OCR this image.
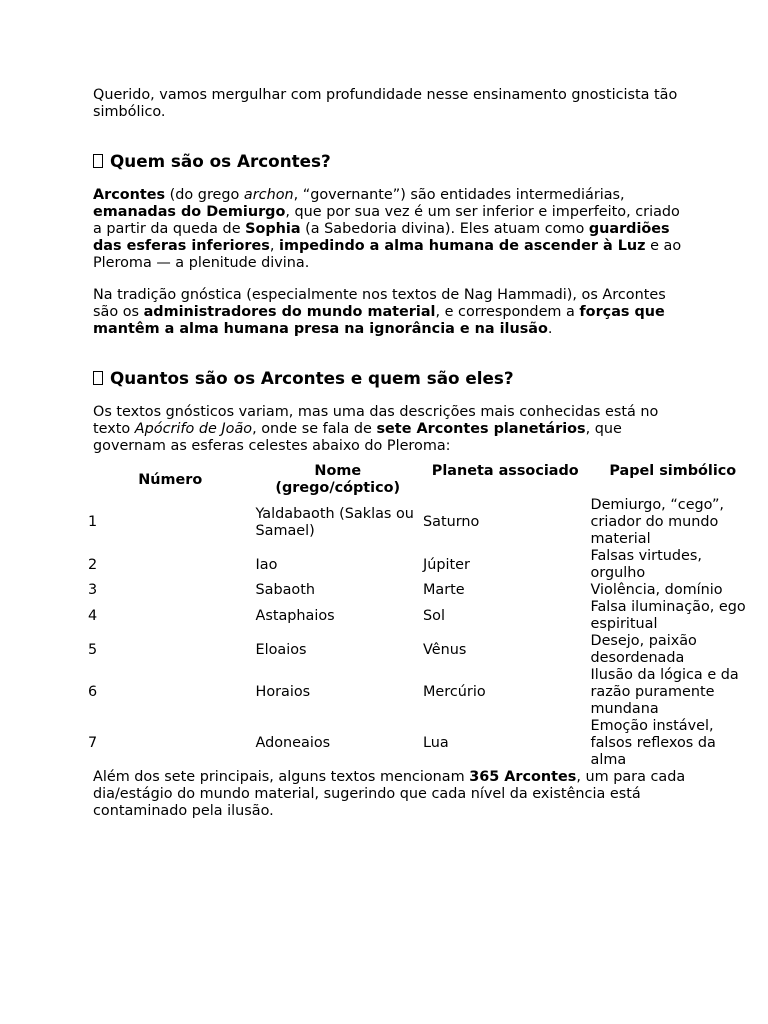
Querido, vamos mergulhar com profundidade nesse ensinamento gnosticista tão simbólico.

Quem são os Arcontes?

Arcontes (do grego archon, “governante”) são entidades intermediárias, emanadas do Demiurgo, que por sua vez é um ser inferior e imperfeito, criado a partir da queda de Sophia (a Sabedoria divina). Eles atuam como guardiões das esferas inferiores, impedindo a alma humana de ascender à Luz e ao Pleroma — a plenitude divina.

Na tradição gnóstica (especialmente nos textos de Nag Hammadi), os Arcontes são os administradores do mundo material, e correspondem a forças que mantêm a alma humana presa na ignorância e na ilusão.

Quantos são os Arcontes e quem são eles?

Os textos gnósticos variam, mas uma das descrições mais conhecidas está no texto Apócrifo de João, onde se fala de sete Arcontes planetários, que governam as esferas celestes abaixo do Pleroma:

Número	Nome (grego/cóptico)	Planeta associado	Papel simbólico
1	Yaldabaoth (Saklas ou Samael)	Saturno	Demiurgo, “cego”, criador do mundo material
2	Iao	Júpiter	Falsas virtudes, orgulho
3	Sabaoth	Marte	Violência, domínio
4	Astaphaios	Sol	Falsa iluminação, ego espiritual
5	Eloaios	Vênus	Desejo, paixão desordenada
6	Horaios	Mercúrio	Ilusão da lógica e da razão puramente mundana
7	Adoneaios	Lua	Emoção instável, falsos reflexos da alma

Além dos sete principais, alguns textos mencionam 365 Arcontes, um para cada dia/estágio do mundo material, sugerindo que cada nível da existência está contaminado pela ilusão.
